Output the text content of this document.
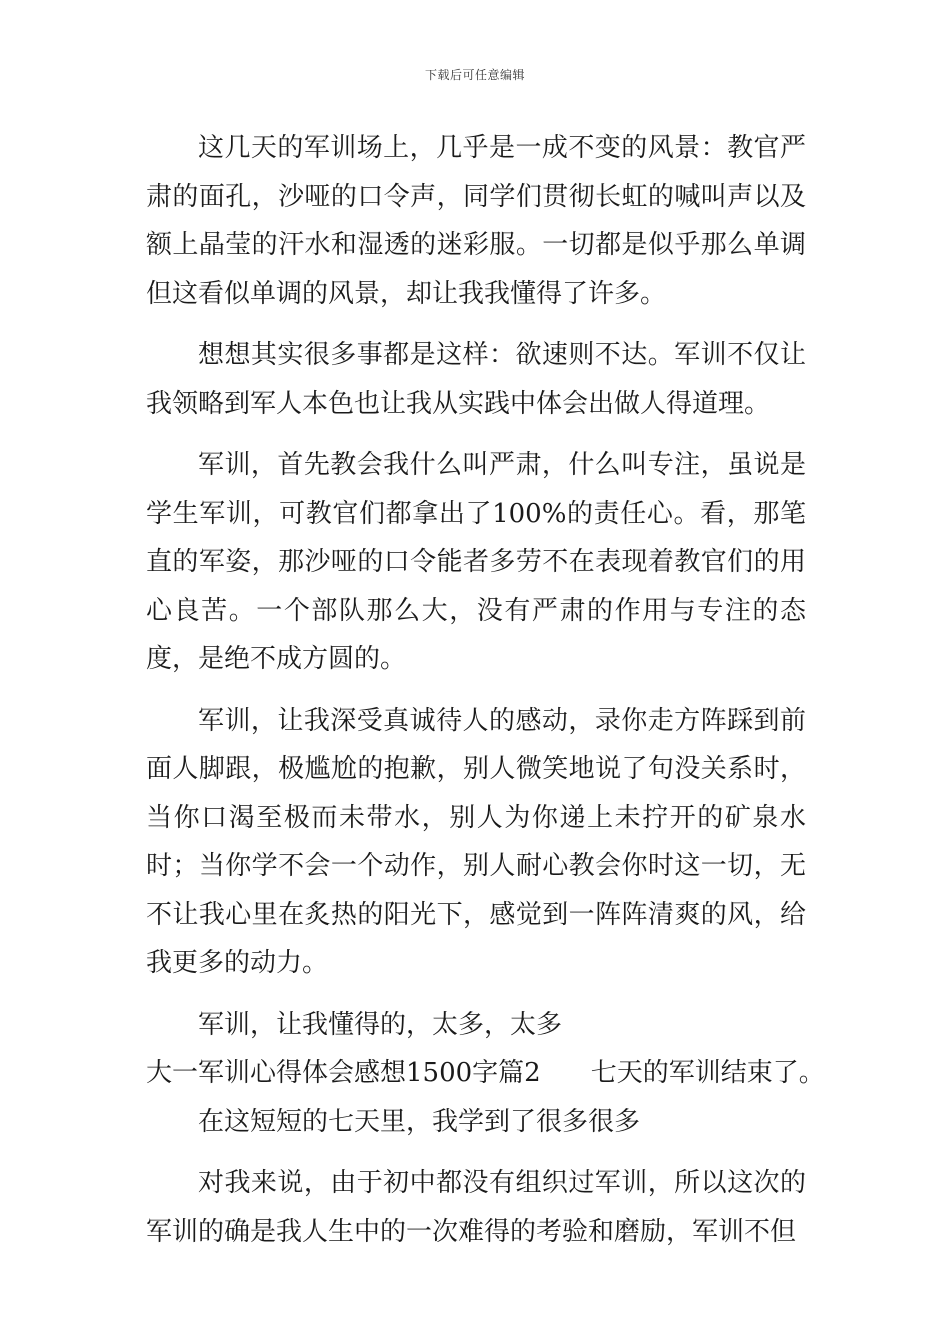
下载后可任意编辑

这几天的军训场上，几乎是一成不变的风景：教官严肃的面孔，沙哑的口令声，同学们贯彻长虹的喊叫声以及额上晶莹的汗水和湿透的迷彩服。一切都是似乎那么单调但这看似单调的风景，却让我我懂得了许多。

想想其实很多事都是这样：欲速则不达。军训不仅让我领略到军人本色也让我从实践中体会出做人得道理。

军训，首先教会我什么叫严肃，什么叫专注，虽说是学生军训，可教官们都拿出了100%的责任心。看，那笔直的军姿，那沙哑的口令能者多劳不在表现着教官们的用心良苦。一个部队那么大，没有严肃的作用与专注的态度，是绝不成方圆的。

军训，让我深受真诚待人的感动，录你走方阵踩到前面人脚跟，极尴尬的抱歉，别人微笑地说了句没关系时，当你口渴至极而未带水，别人为你递上未拧开的矿泉水时；当你学不会一个动作，别人耐心教会你时这一切，无不让我心里在炙热的阳光下，感觉到一阵阵清爽的风，给我更多的动力。

军训，让我懂得的，太多，太多

大一军训心得体会感想1500字篇2 七天的军训结束了。

在这短短的七天里，我学到了很多很多

对我来说，由于初中都没有组织过军训，所以这次的军训的确是我人生中的一次难得的考验和磨励，军训不但
